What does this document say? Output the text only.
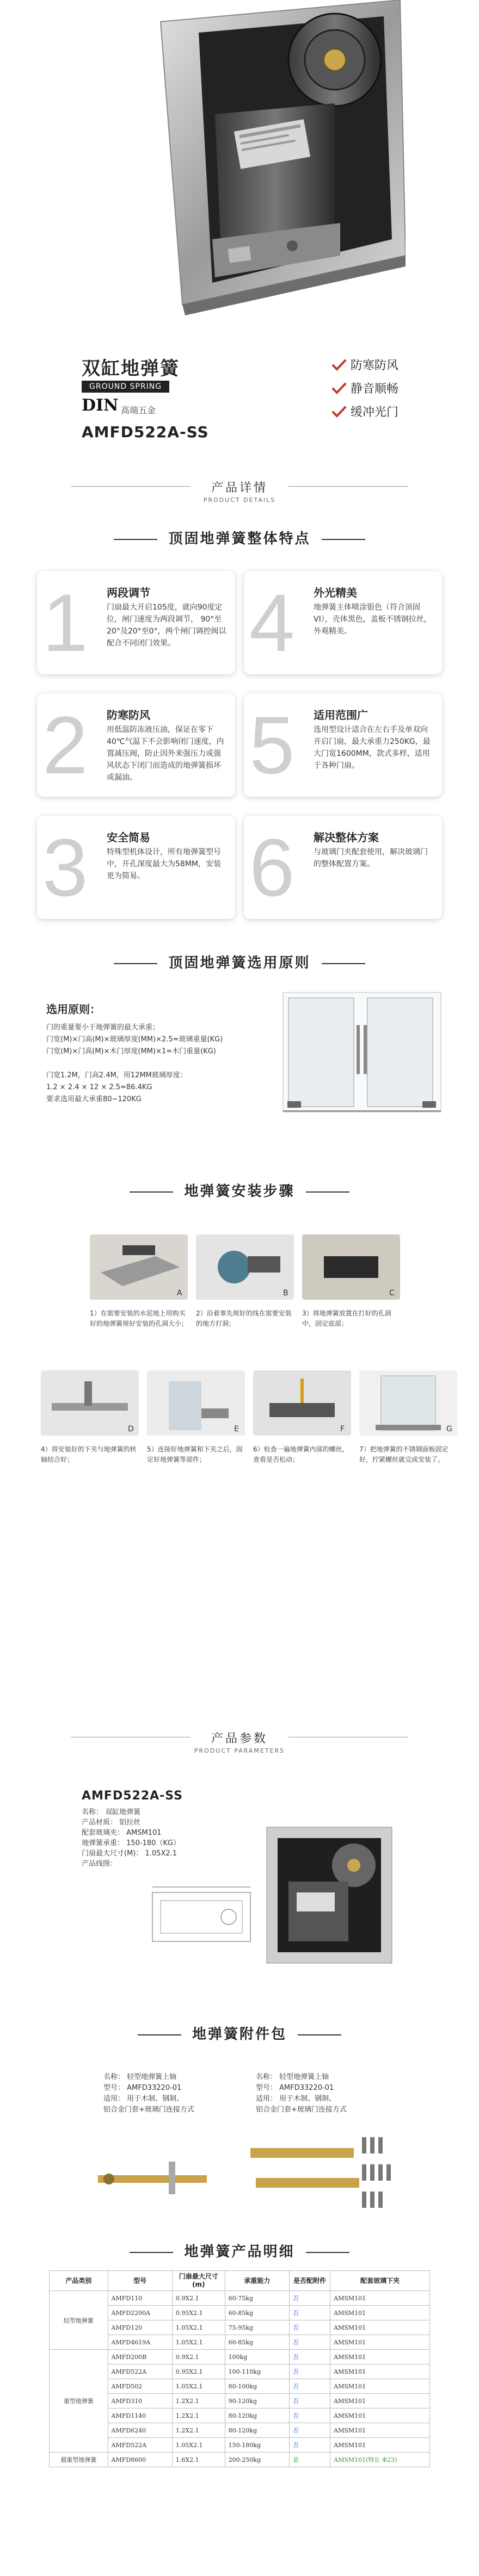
双缸地弹簧
GROUND SPRING
DIN 高端五金
AMFD522A-SS
防寒防风
静音顺畅
缓冲光门
产品详情
PRODUCT DETAILS
顶固地弹簧整体特点
1 两段调节
门扇最大开启105度，就向90度定位，闸门速度为两段调节， 90°至20°及20°至0°，两个闸门调控阀以配合不同闭门效果。 4 外光精美
地弹簧主体喷涂银色（符合顶固VI），壳体黑色，盖板不锈钢拉丝，外观精美。
2 防寒防风
用低温防冻液压油，保证在零下40℃气温下不会影响闭门速度，内置减压阀，防止因外来强压力或强风状态下闭门而造成的地弹簧损坏或漏油。	5 适用范围广
选用型设计适合在左右手及单双向开启门扇，最大承重力250KG，最大门宽1600MM，款式多样，适用于各种门扇。
3 安全简易
特殊型机体设计，所有地弹簧型号中，开孔深度最大为58MM，安装更为简易。	6 解决整体方案
与玻璃门夹配套使用，解决玻璃门的整体配置方案。
顶固地弹簧选用原则
选用原则：

门的重量要小于地弹簧的最大承重；

门宽(M)×门高(M)×玻璃厚度(MM)×2.5=玻璃重量(KG)

门宽(M)×门高(M)×木门厚度(MM)×1=木门重量(KG)

门宽1.2M，门高2.4M，用12MM玻璃厚度：

1.2 × 2.4 × 12 × 2.5=86.4KG

要求选用最大承重80~120KG

地弹簧安装步骤
A
1）在需要安装的水泥地上用购买好的地弹簧规好安装的孔洞大小；
B
2）沿着事先规好的线在需要安装的地方打洞；
C
3）将地弹簧放置在打好的孔洞中，固定底部；
D
4）将安装好的下夹与地弹簧的转轴结合好；
E
5）连接好地弹簧和下夹之后，固定好地弹簧等部件；
F
6）检查一遍地弹簧内部的螺丝，查看是否松动；
G
7）把地弹簧的不锈钢面板固定好，拧紧螺丝就完成安装了。
产品参数
PRODUCT PARAMETERS
AMFD522A-SS
名称： 双缸地弹簧
产品材质： 铝拉丝
配套玻璃夹： AMSM101
地弹簧承重： 150-180（KG）
门扇最大尺寸(M)： 1.05X2.1
产品线图：
地弹簧附件包
名称： 轻型地弹簧上轴
型号： AMFD33220-01
适用： 用于木制、钢制、
铝合金门套+玻璃门连接方式
名称： 轻型地弹簧上轴
型号： AMFD33220-01
适用： 用于木制、钢制、
铝合金门套+玻璃门连接方式
地弹簧产品明细
产品类别	型号	门扇最大尺寸(m)	承重能力	是否配附件	配套玻璃下夹
轻型地弹簧	AMFD110	0.9X2.1	60-75kg	否	AMSM101
	AMFD2200A	0.95X2.1	60-85kg	否	AMSM101
	AMFD120	1.05X2.1	75-95kg	否	AMSM101
	AMFD4619A	1.05X2.1	60-85kg	否	AMSM101
重型地弹簧	AMFD200B	0.9X2.1	100kg	否	AMSM101
	AMFD522A	0.95X2.1	100-110kg	否	AMSM101
	AMFD502	1.05X2.1	80-100kg	否	AMSM101
	AMFD310	1.2X2.1	90-120kg	否	AMSM101
	AMFD1140	1.2X2.1	80-120kg	否	AMSM101
	AMFD6240	1.2X2.1	80-120kg	否	AMSM101
	AMFD522A	1.05X2.1	150-180kg	否	AMSM101
超重型地弹簧	AMFD8600	1.6X2.1	200-250kg	是	AMSM101(特长 Φ23)
